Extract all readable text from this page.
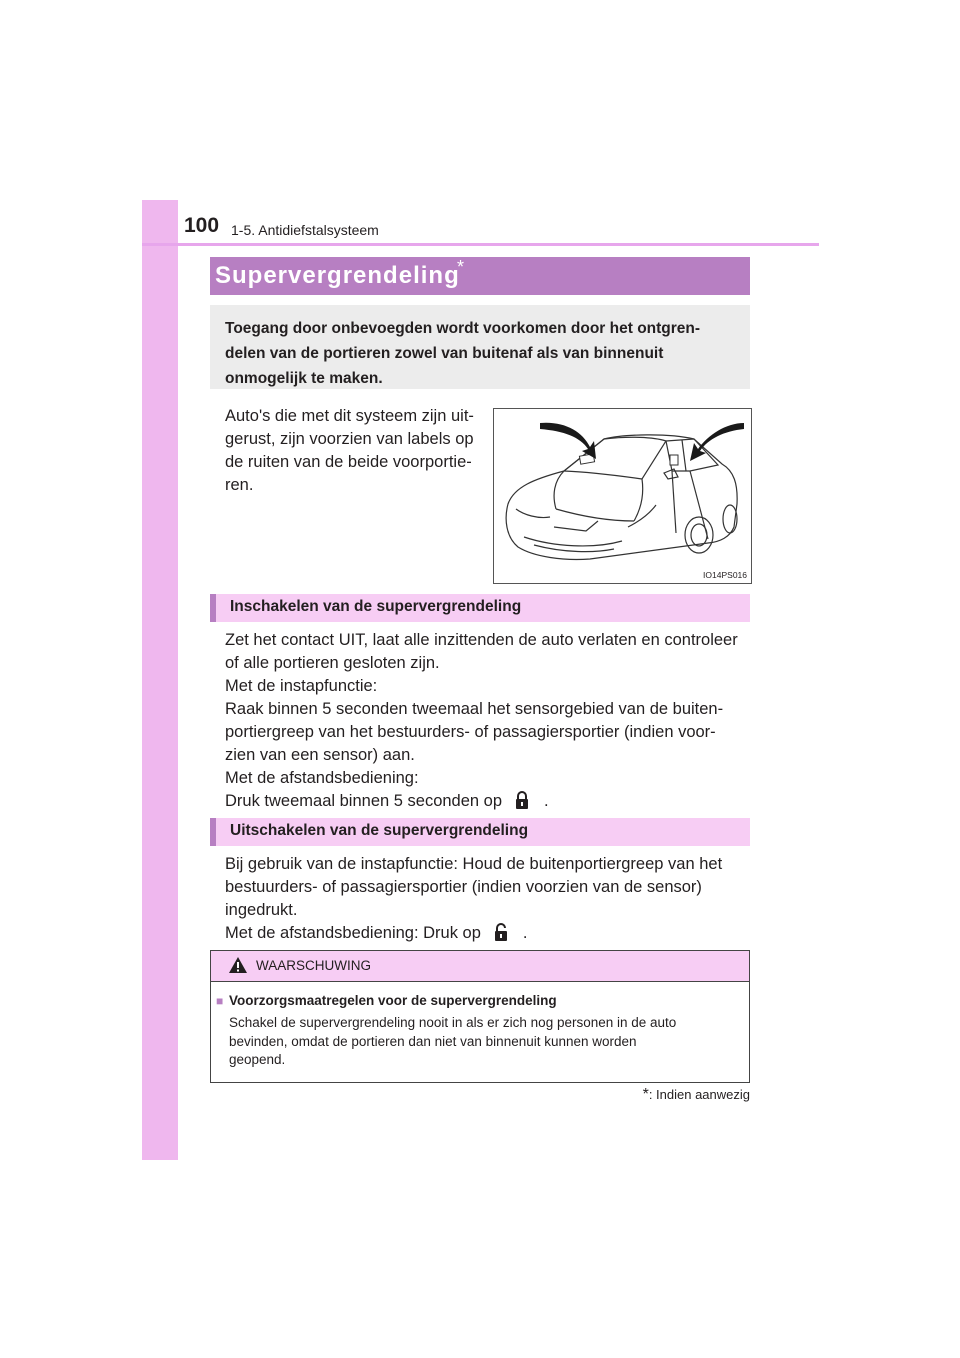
100 1-5. Antidiefstalsysteem
Supervergrendeling
*
Toegang door onbevoegden wordt voorkomen door het ontgren-
delen van de portieren zowel van buitenaf als van binnenuit
onmogelijk te maken.
Auto's die met dit systeem zijn uit-
gerust, zijn voorzien van labels op
de ruiten van de beide voorportie-
ren.
IO14PS016
Inschakelen van de supervergrendeling
Zet het contact UIT, laat alle inzittenden de auto verlaten en controleer
of alle portieren gesloten zijn.
Met de instapfunctie:
Raak binnen 5 seconden tweemaal het sensorgebied van de buiten-
portiergreep van het bestuurders- of passagiersportier (indien voor-
zien van een sensor) aan.
Met de afstandsbediening:
Druk tweemaal binnen 5 seconden op	.
Uitschakelen van de supervergrendeling
Bij gebruik van de instapfunctie: Houd de buitenportiergreep van het
bestuurders- of passagiersportier (indien voorzien van de sensor)
ingedrukt.
Met de afstandsbediening: Druk op	.
WAARSCHUWING
■ Voorzorgsmaatregelen voor de supervergrendeling
Schakel de supervergrendeling nooit in als er zich nog personen in de auto
bevinden, omdat de portieren dan niet van binnenuit kunnen worden
geopend.
*: Indien aanwezig
